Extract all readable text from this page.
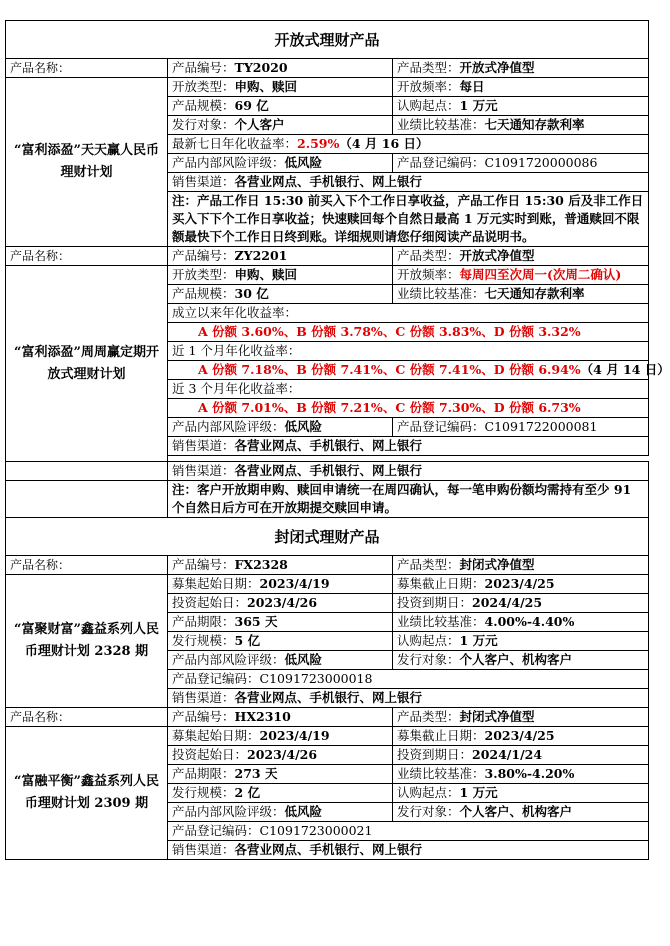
开放式理财产品		
产品名称：	产品编号：TY2020	产品类型：开放式净值型
“富利添盈”天天赢人民币理财计划	开放类型：申购、赎回	开放频率：每日
	产品规模：69 亿	认购起点：1 万元
	发行对象：个人客户	业绩比较基准：七天通知存款利率
	最新七日年化收益率：2.59%（4 月 16 日）	
	产品内部风险评级：低风险	产品登记编码：C1091720000086
	销售渠道：各营业网点、手机银行、网上银行	
	注：产品工作日 15:30 前买入下个工作日享收益，产品工作日 15:30 后及非工作日买入下下个工作日享收益；快速赎回每个自然日最高 1 万元实时到账，普通赎回不限额最快下个工作日日终到账。详细规则请您仔细阅读产品说明书。	
产品名称：	产品编号：ZY2201	产品类型：开放式净值型
“富利添盈”周周赢定期开放式理财计划	开放类型：申购、赎回	开放频率：每周四至次周一(次周二确认)
	产品规模：30 亿	业绩比较基准：七天通知存款利率
	成立以来年化收益率：	
	A 份额 3.60%、B 份额 3.78%、C 份额 3.83%、D 份额 3.32%	
	近 1 个月年化收益率：	
	A 份额 7.18%、B 份额 7.41%、C 份额 7.41%、D 份额 6.94%（4 月 14 日）	
	近 3 个月年化收益率：	
	A 份额 7.01%、B 份额 7.21%、C 份额 7.30%、D 份额 6.73%	
	产品内部风险评级：低风险	产品登记编码：C1091722000081
	销售渠道：各营业网点、手机银行、网上银行	

	销售渠道：各营业网点、手机银行、网上银行	
	注：客户开放期申购、赎回申请统一在周四确认，每一笔申购份额均需持有至少 91 个自然日后方可在开放期提交赎回申请。	
封闭式理财产品		
产品名称：	产品编号：FX2328	产品类型：封闭式净值型
“富聚财富”鑫益系列人民币理财计划 2328 期	募集起始日期：2023/4/19	募集截止日期：2023/4/25
	投资起始日：2023/4/26	投资到期日：2024/4/25
	产品期限：365 天	业绩比较基准：4.00%-4.40%
	发行规模：5 亿	认购起点：1 万元
	产品内部风险评级：低风险	发行对象：个人客户、机构客户
	产品登记编码：C1091723000018	
	销售渠道：各营业网点、手机银行、网上银行	
产品名称：	产品编号：HX2310	产品类型：封闭式净值型
“富融平衡”鑫益系列人民币理财计划 2309 期	募集起始日期：2023/4/19	募集截止日期：2023/4/25
	投资起始日：2023/4/26	投资到期日：2024/1/24
	产品期限：273 天	业绩比较基准：3.80%-4.20%
	发行规模：2 亿	认购起点：1 万元
	产品内部风险评级：低风险	发行对象：个人客户、机构客户
	产品登记编码：C1091723000021	
	销售渠道：各营业网点、手机银行、网上银行	
